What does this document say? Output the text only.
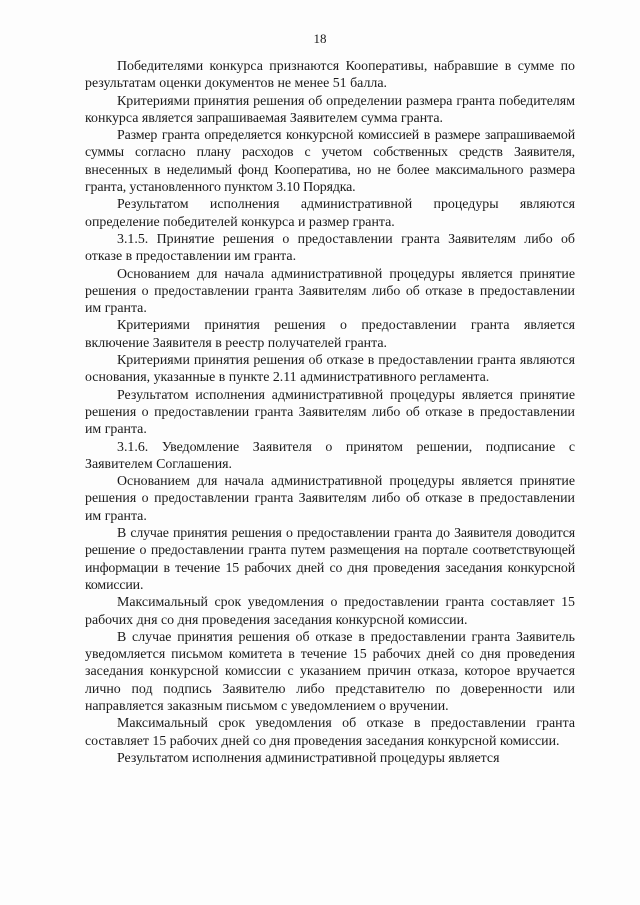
18

Победителями конкурса признаются Кооперативы, набравшие в сумме по результатам оценки документов не менее 51 балла.

Критериями принятия решения об определении размера гранта победителям конкурса является запрашиваемая Заявителем сумма гранта.

Размер гранта определяется конкурсной комиссией в размере запрашиваемой суммы согласно плану расходов с учетом собственных средств Заявителя, внесенных в неделимый фонд Кооператива, но не более максимального размера гранта, установленного пунктом 3.10 Порядка.

Результатом исполнения административной процедуры являются определение победителей конкурса и размер гранта.

3.1.5. Принятие решения о предоставлении гранта Заявителям либо об отказе в предоставлении им гранта.

Основанием для начала административной процедуры является принятие решения о предоставлении гранта Заявителям либо об отказе в предоставлении им гранта.

Критериями принятия решения о предоставлении гранта является включение Заявителя в реестр получателей гранта.

Критериями принятия решения об отказе в предоставлении гранта являются основания, указанные в пункте 2.11 административного регламента.

Результатом исполнения административной процедуры является принятие решения о предоставлении гранта Заявителям либо об отказе в предоставлении им гранта.

3.1.6. Уведомление Заявителя о принятом решении, подписание с Заявителем Соглашения.

Основанием для начала административной процедуры является принятие решения о предоставлении гранта Заявителям либо об отказе в предоставлении им гранта.

В случае принятия решения о предоставлении гранта до Заявителя доводится решение о предоставлении гранта путем размещения на портале соответствующей информации в течение 15 рабочих дней со дня проведения заседания конкурсной комиссии.

Максимальный срок уведомления о предоставлении гранта составляет 15 рабочих дня со дня проведения заседания конкурсной комиссии.

В случае принятия решения об отказе в предоставлении гранта Заявитель уведомляется письмом комитета в течение 15 рабочих дней со дня проведения заседания конкурсной комиссии с указанием причин отказа, которое вручается лично под подпись Заявителю либо представителю по доверенности или направляется заказным письмом с уведомлением о вручении.

Максимальный срок уведомления об отказе в предоставлении гранта составляет 15 рабочих дней со дня проведения заседания конкурсной комиссии.

Результатом исполнения административной процедуры является
